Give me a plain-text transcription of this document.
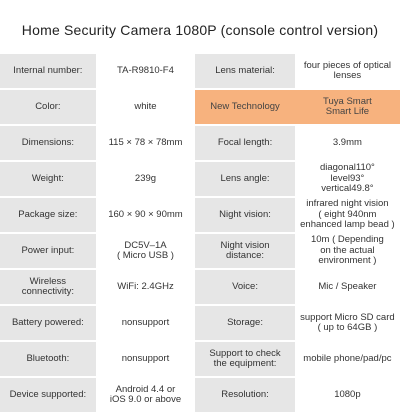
Home Security Camera 1080P (console control version)
Internal number:	TA-R9810-F4	Lens material:	four pieces of optical lenses
Color:	white	New Technology	Tuya Smart
Smart Life
Dimensions:	115 × 78 × 78mm	Focal length:	3.9mm
Weight:	239g	Lens angle:	diagonal110°
level93°
vertical49.8°
Package size:	160 × 90 × 90mm	Night vision:	infrared night vision
( eight 940nm
enhanced lamp bead )
Power input:	DC5V–1A
( Micro USB )	Night vision
distance:	10m ( Depending
on the actual
environment )
Wireless
connectivity:	WiFi: 2.4GHz	Voice:	Mic / Speaker
Battery powered:	nonsupport	Storage:	support Micro SD card
( up to 64GB )
Bluetooth:	nonsupport	Support to check
the equipment:	mobile phone/pad/pc
Device supported:	Android 4.4 or
iOS 9.0 or above	Resolution:	1080p
